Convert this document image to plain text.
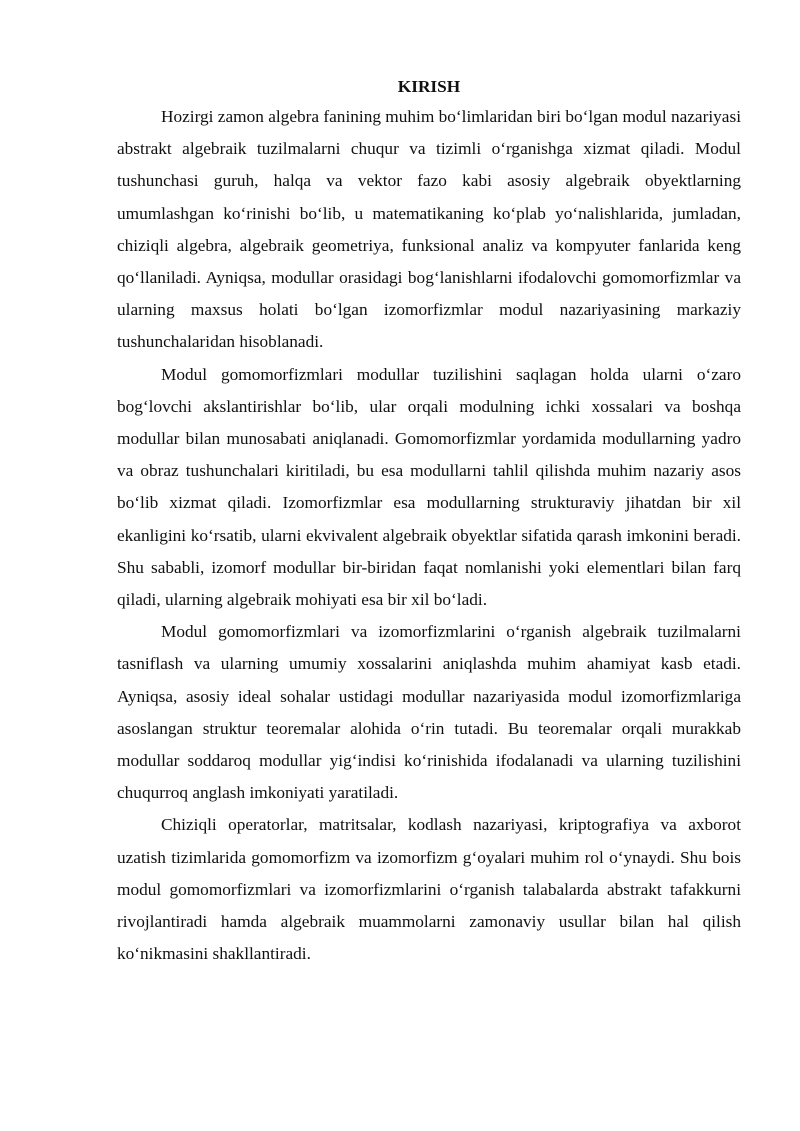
KIRISH

Hozirgi zamon algebra fanining muhim bo‘limlaridan biri bo‘lgan modul nazariyasi abstrakt algebraik tuzilmalarni chuqur va tizimli o‘rganishga xizmat qiladi. Modul tushunchasi guruh, halqa va vektor fazo kabi asosiy algebraik obyektlarning umumlashgan ko‘rinishi bo‘lib, u matematikaning ko‘plab yo‘nalishlarida, jumladan, chiziqli algebra, algebraik geometriya, funksional analiz va kompyuter fanlarida keng qo‘llaniladi. Ayniqsa, modullar orasidagi bog‘lanishlarni ifodalovchi gomomorfizmlar va ularning maxsus holati bo‘lgan izomorfizmlar modul nazariyasining markaziy tushunchalaridan hisoblanadi.

Modul gomomorfizmlari modullar tuzilishini saqlagan holda ularni o‘zaro bog‘lovchi akslantirishlar bo‘lib, ular orqali modulning ichki xossalari va boshqa modullar bilan munosabati aniqlanadi. Gomomorfizmlar yordamida modullarning yadro va obraz tushunchalari kiritiladi, bu esa modullarni tahlil qilishda muhim nazariy asos bo‘lib xizmat qiladi. Izomorfizmlar esa modullarning strukturaviy jihatdan bir xil ekanligini ko‘rsatib, ularni ekvivalent algebraik obyektlar sifatida qarash imkonini beradi. Shu sababli, izomorf modullar bir-biridan faqat nomlanishi yoki elementlari bilan farq qiladi, ularning algebraik mohiyati esa bir xil bo‘ladi.

Modul gomomorfizmlari va izomorfizmlarini o‘rganish algebraik tuzilmalarni tasniflash va ularning umumiy xossalarini aniqlashda muhim ahamiyat kasb etadi. Ayniqsa, asosiy ideal sohalar ustidagi modullar nazariyasida modul izomorfizmlariga asoslangan struktur teoremalar alohida o‘rin tutadi. Bu teoremalar orqali murakkab modullar soddaroq modullar yig‘indisi ko‘rinishida ifodalanadi va ularning tuzilishini chuqurroq anglash imkoniyati yaratiladi.

Chiziqli operatorlar, matritsalar, kodlash nazariyasi, kriptografiya va axborot uzatish tizimlarida gomomorfizm va izomorfizm g‘oyalari muhim rol o‘ynaydi. Shu bois modul gomomorfizmlari va izomorfizmlarini o‘rganish talabalarda abstrakt tafakkurni rivojlantiradi hamda algebraik muammolarni zamonaviy usullar bilan hal qilish ko‘nikmasini shakllantiradi.
